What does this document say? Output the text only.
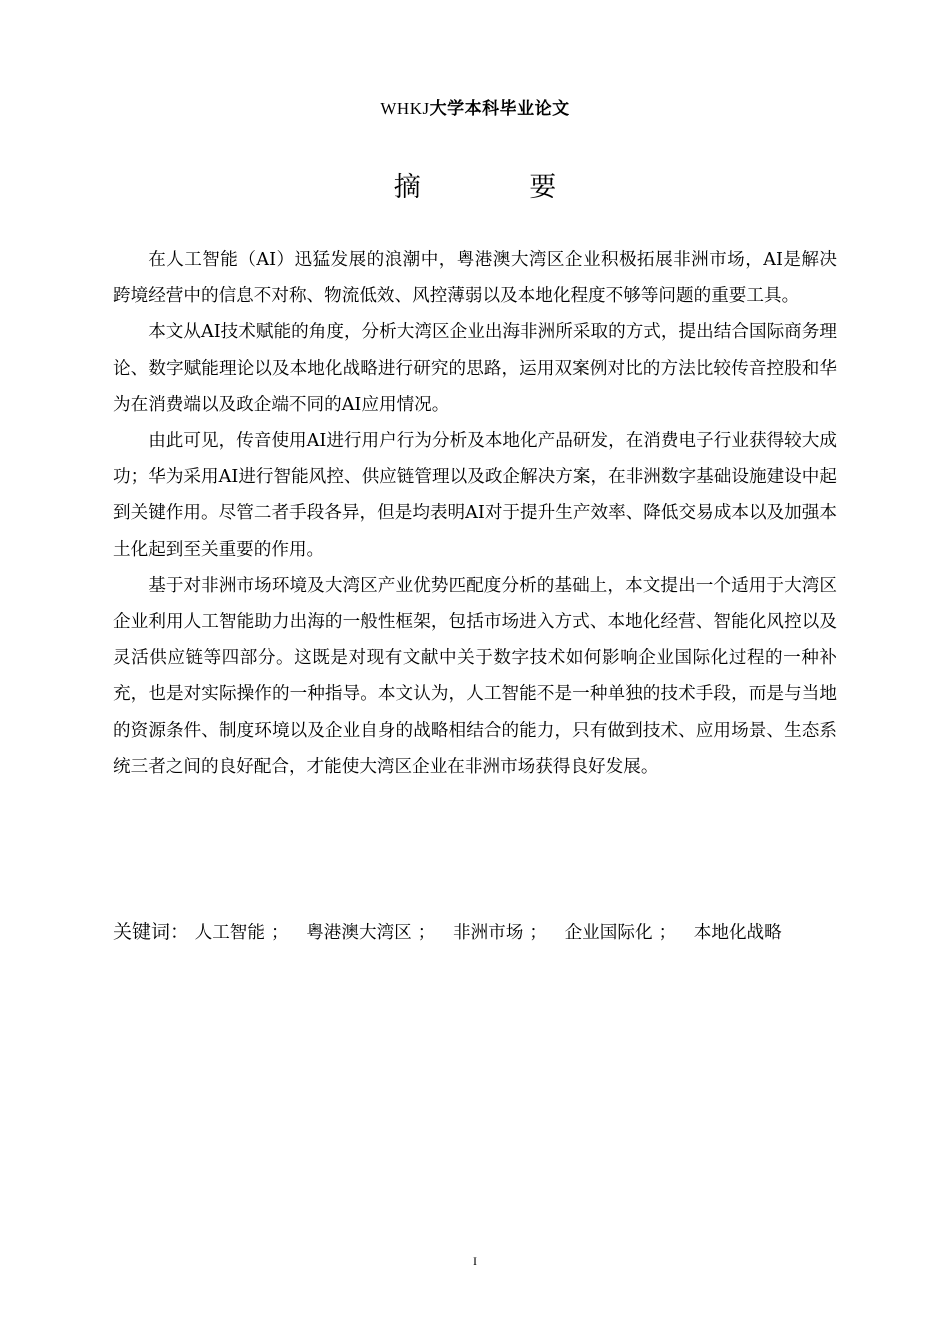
WHKJ大学本科毕业论文
摘 要

在人工智能（AI）迅猛发展的浪潮中，粤港澳大湾区企业积极拓展非洲市场，AI是解决跨境经营中的信息不对称、物流低效、风控薄弱以及本地化程度不够等问题的重要工具。

本文从AI技术赋能的角度，分析大湾区企业出海非洲所采取的方式，提出结合国际商务理论、数字赋能理论以及本地化战略进行研究的思路，运用双案例对比的方法比较传音控股和华为在消费端以及政企端不同的AI应用情况。

由此可见，传音使用AI进行用户行为分析及本地化产品研发，在消费电子行业获得较大成功；华为采用AI进行智能风控、供应链管理以及政企解决方案，在非洲数字基础设施建设中起到关键作用。尽管二者手段各异，但是均表明AI对于提升生产效率、降低交易成本以及加强本土化起到至关重要的作用。

基于对非洲市场环境及大湾区产业优势匹配度分析的基础上，本文提出一个适用于大湾区企业利用人工智能助力出海的一般性框架，包括市场进入方式、本地化经营、智能化风控以及灵活供应链等四部分。这既是对现有文献中关于数字技术如何影响企业国际化过程的一种补充，也是对实际操作的一种指导。本文认为，人工智能不是一种单独的技术手段，而是与当地的资源条件、制度环境以及企业自身的战略相结合的能力，只有做到技术、应用场景、生态系统三者之间的良好配合，才能使大湾区企业在非洲市场获得良好发展。

关键词： 人工智能 ； 粤港澳大湾区 ； 非洲市场 ； 企业国际化 ； 本地化战略
I
